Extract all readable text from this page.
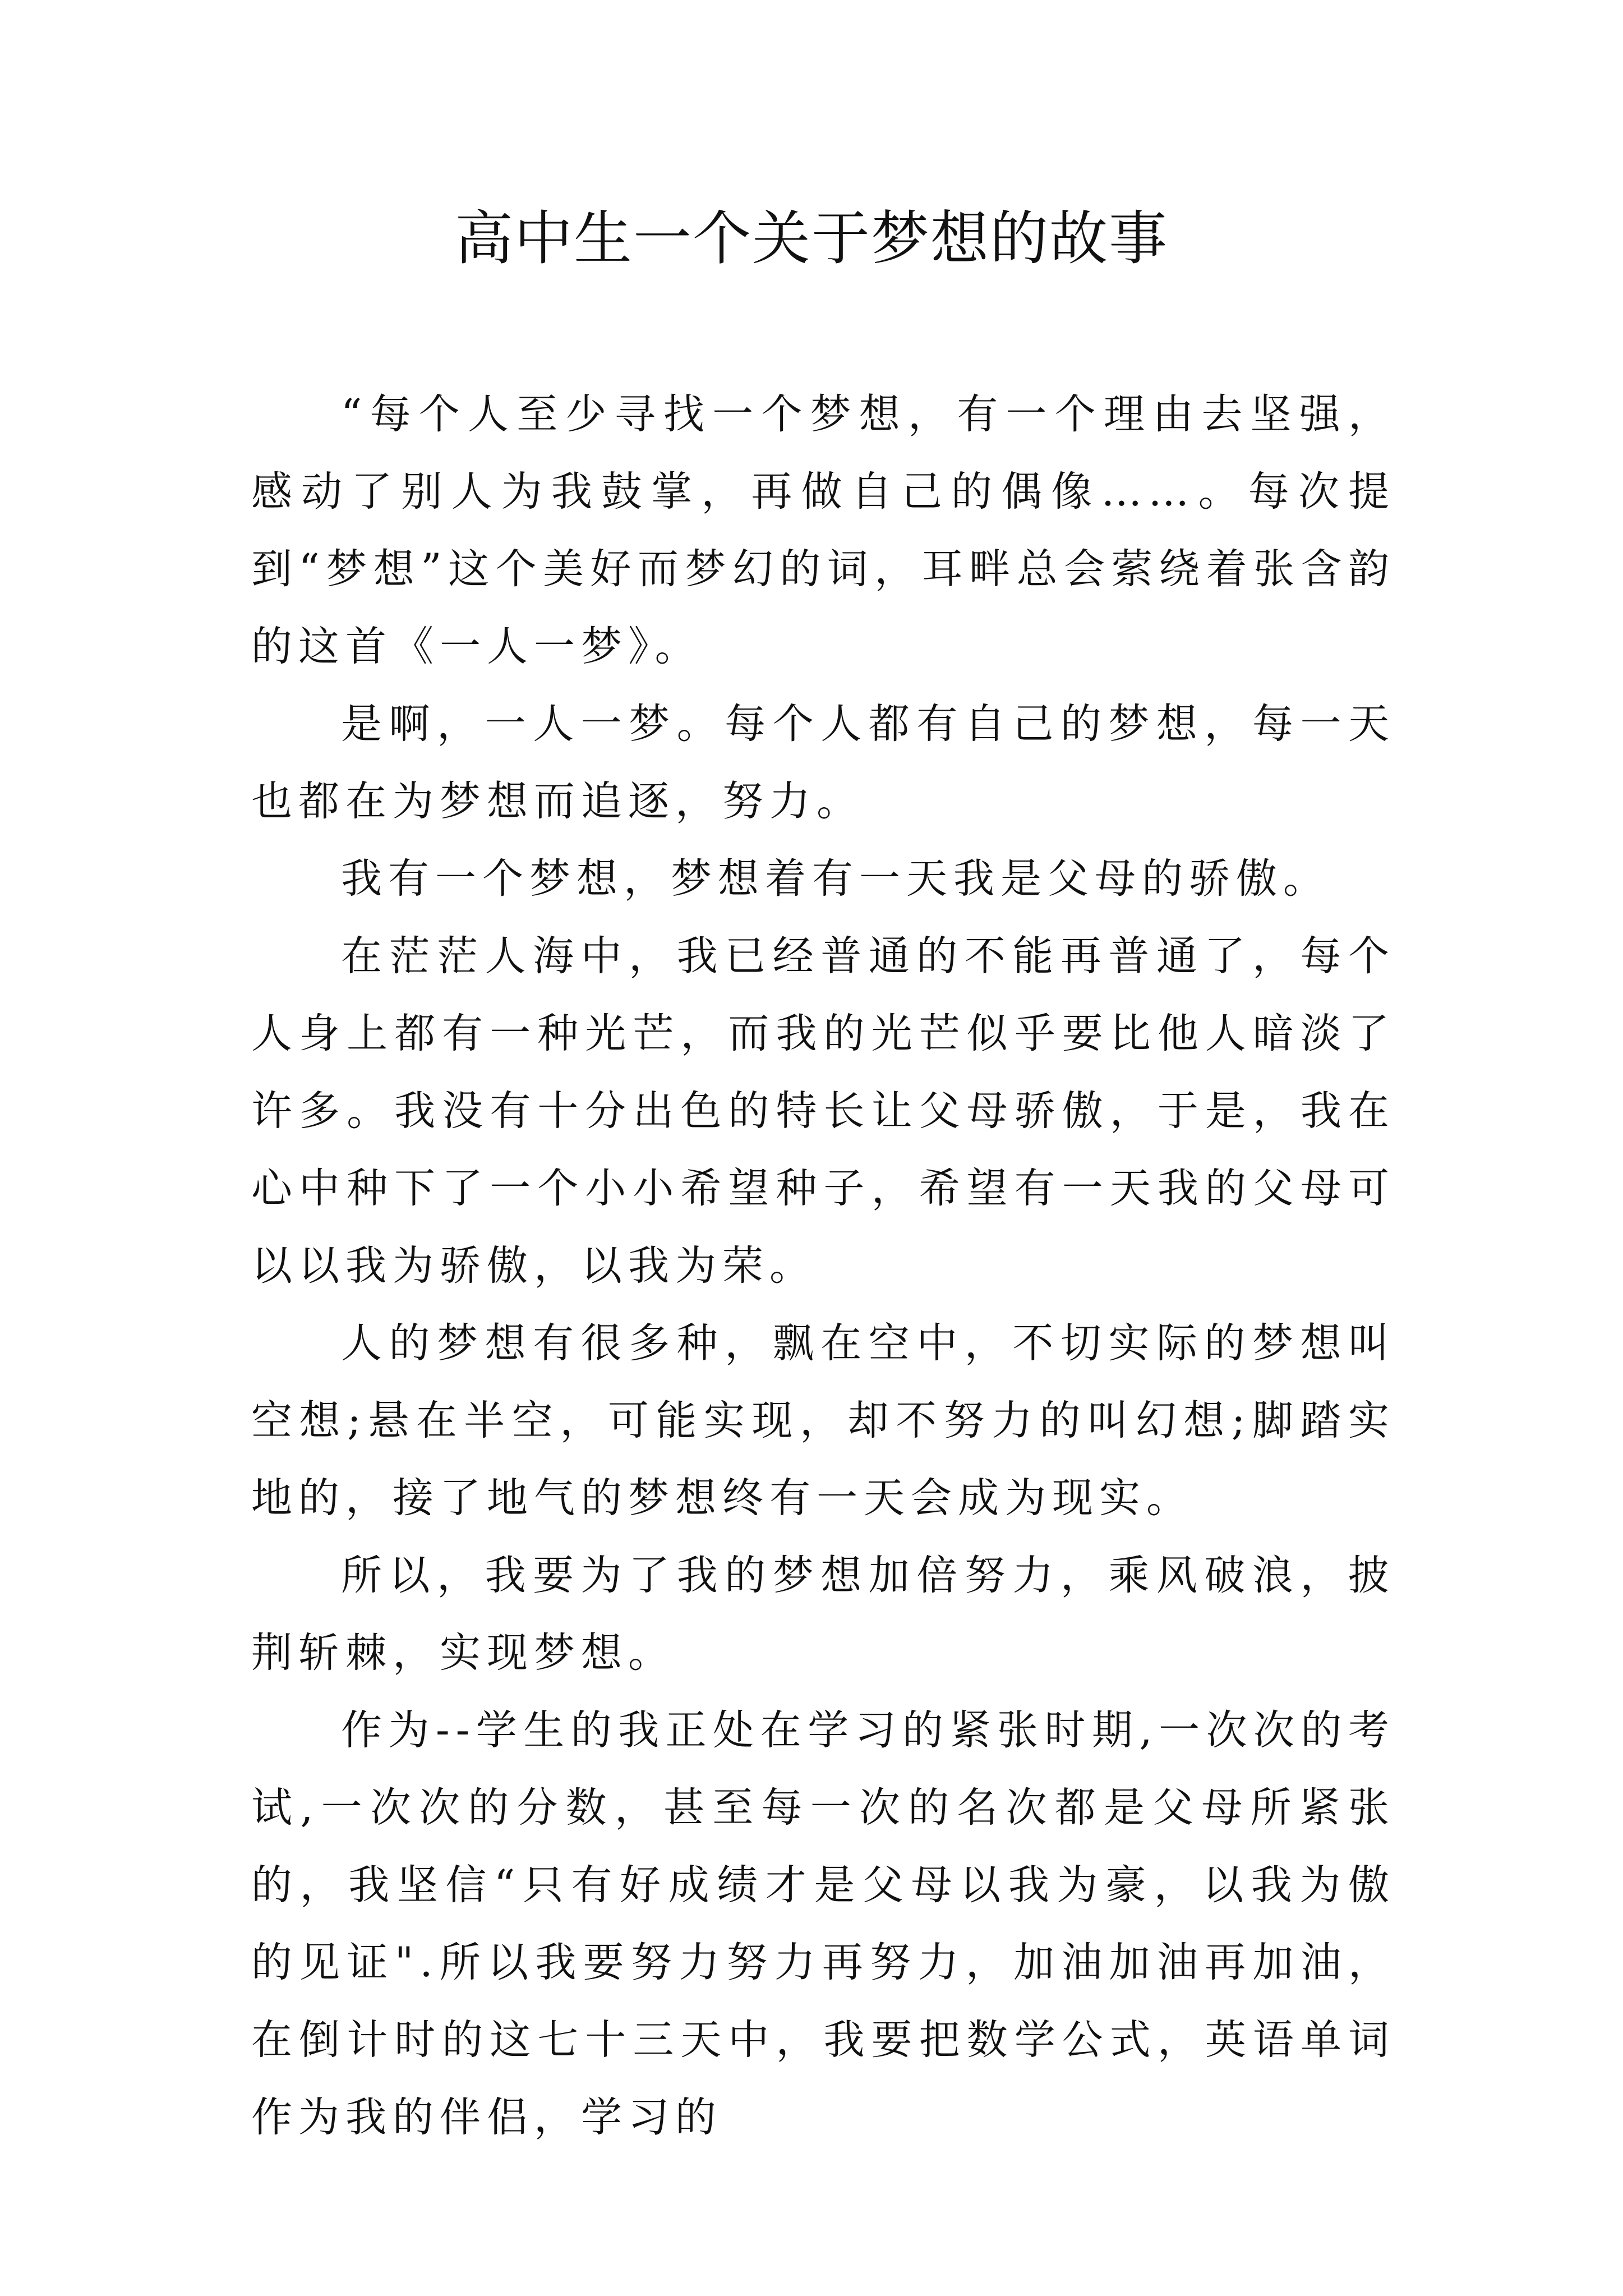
高中生一个关于梦想的故事

“每个人至少寻找一个梦想，有一个理由去坚强，感动了别人为我鼓掌，再做自己的偶像……。每次提到“梦想”这个美好而梦幻的词，耳畔总会萦绕着张含韵的这首《一人一梦》。

是啊，一人一梦。每个人都有自己的梦想，每一天也都在为梦想而追逐，努力。

我有一个梦想，梦想着有一天我是父母的骄傲。

在茫茫人海中，我已经普通的不能再普通了，每个人身上都有一种光芒，而我的光芒似乎要比他人暗淡了许多。我没有十分出色的特长让父母骄傲，于是，我在心中种下了一个小小希望种子，希望有一天我的父母可以以我为骄傲，以我为荣。

人的梦想有很多种，飘在空中，不切实际的梦想叫空想;悬在半空，可能实现，却不努力的叫幻想;脚踏实地的，接了地气的梦想终有一天会成为现实。

所以，我要为了我的梦想加倍努力，乘风破浪，披荆斩棘，实现梦想。

作为--学生的我正处在学习的紧张时期,一次次的考试,一次次的分数，甚至每一次的名次都是父母所紧张的，我坚信“只有好成绩才是父母以我为豪，以我为傲的见证".所以我要努力努力再努力，加油加油再加油，在倒计时的这七十三天中，我要把数学公式，英语单词作为我的伴侣，学习的
